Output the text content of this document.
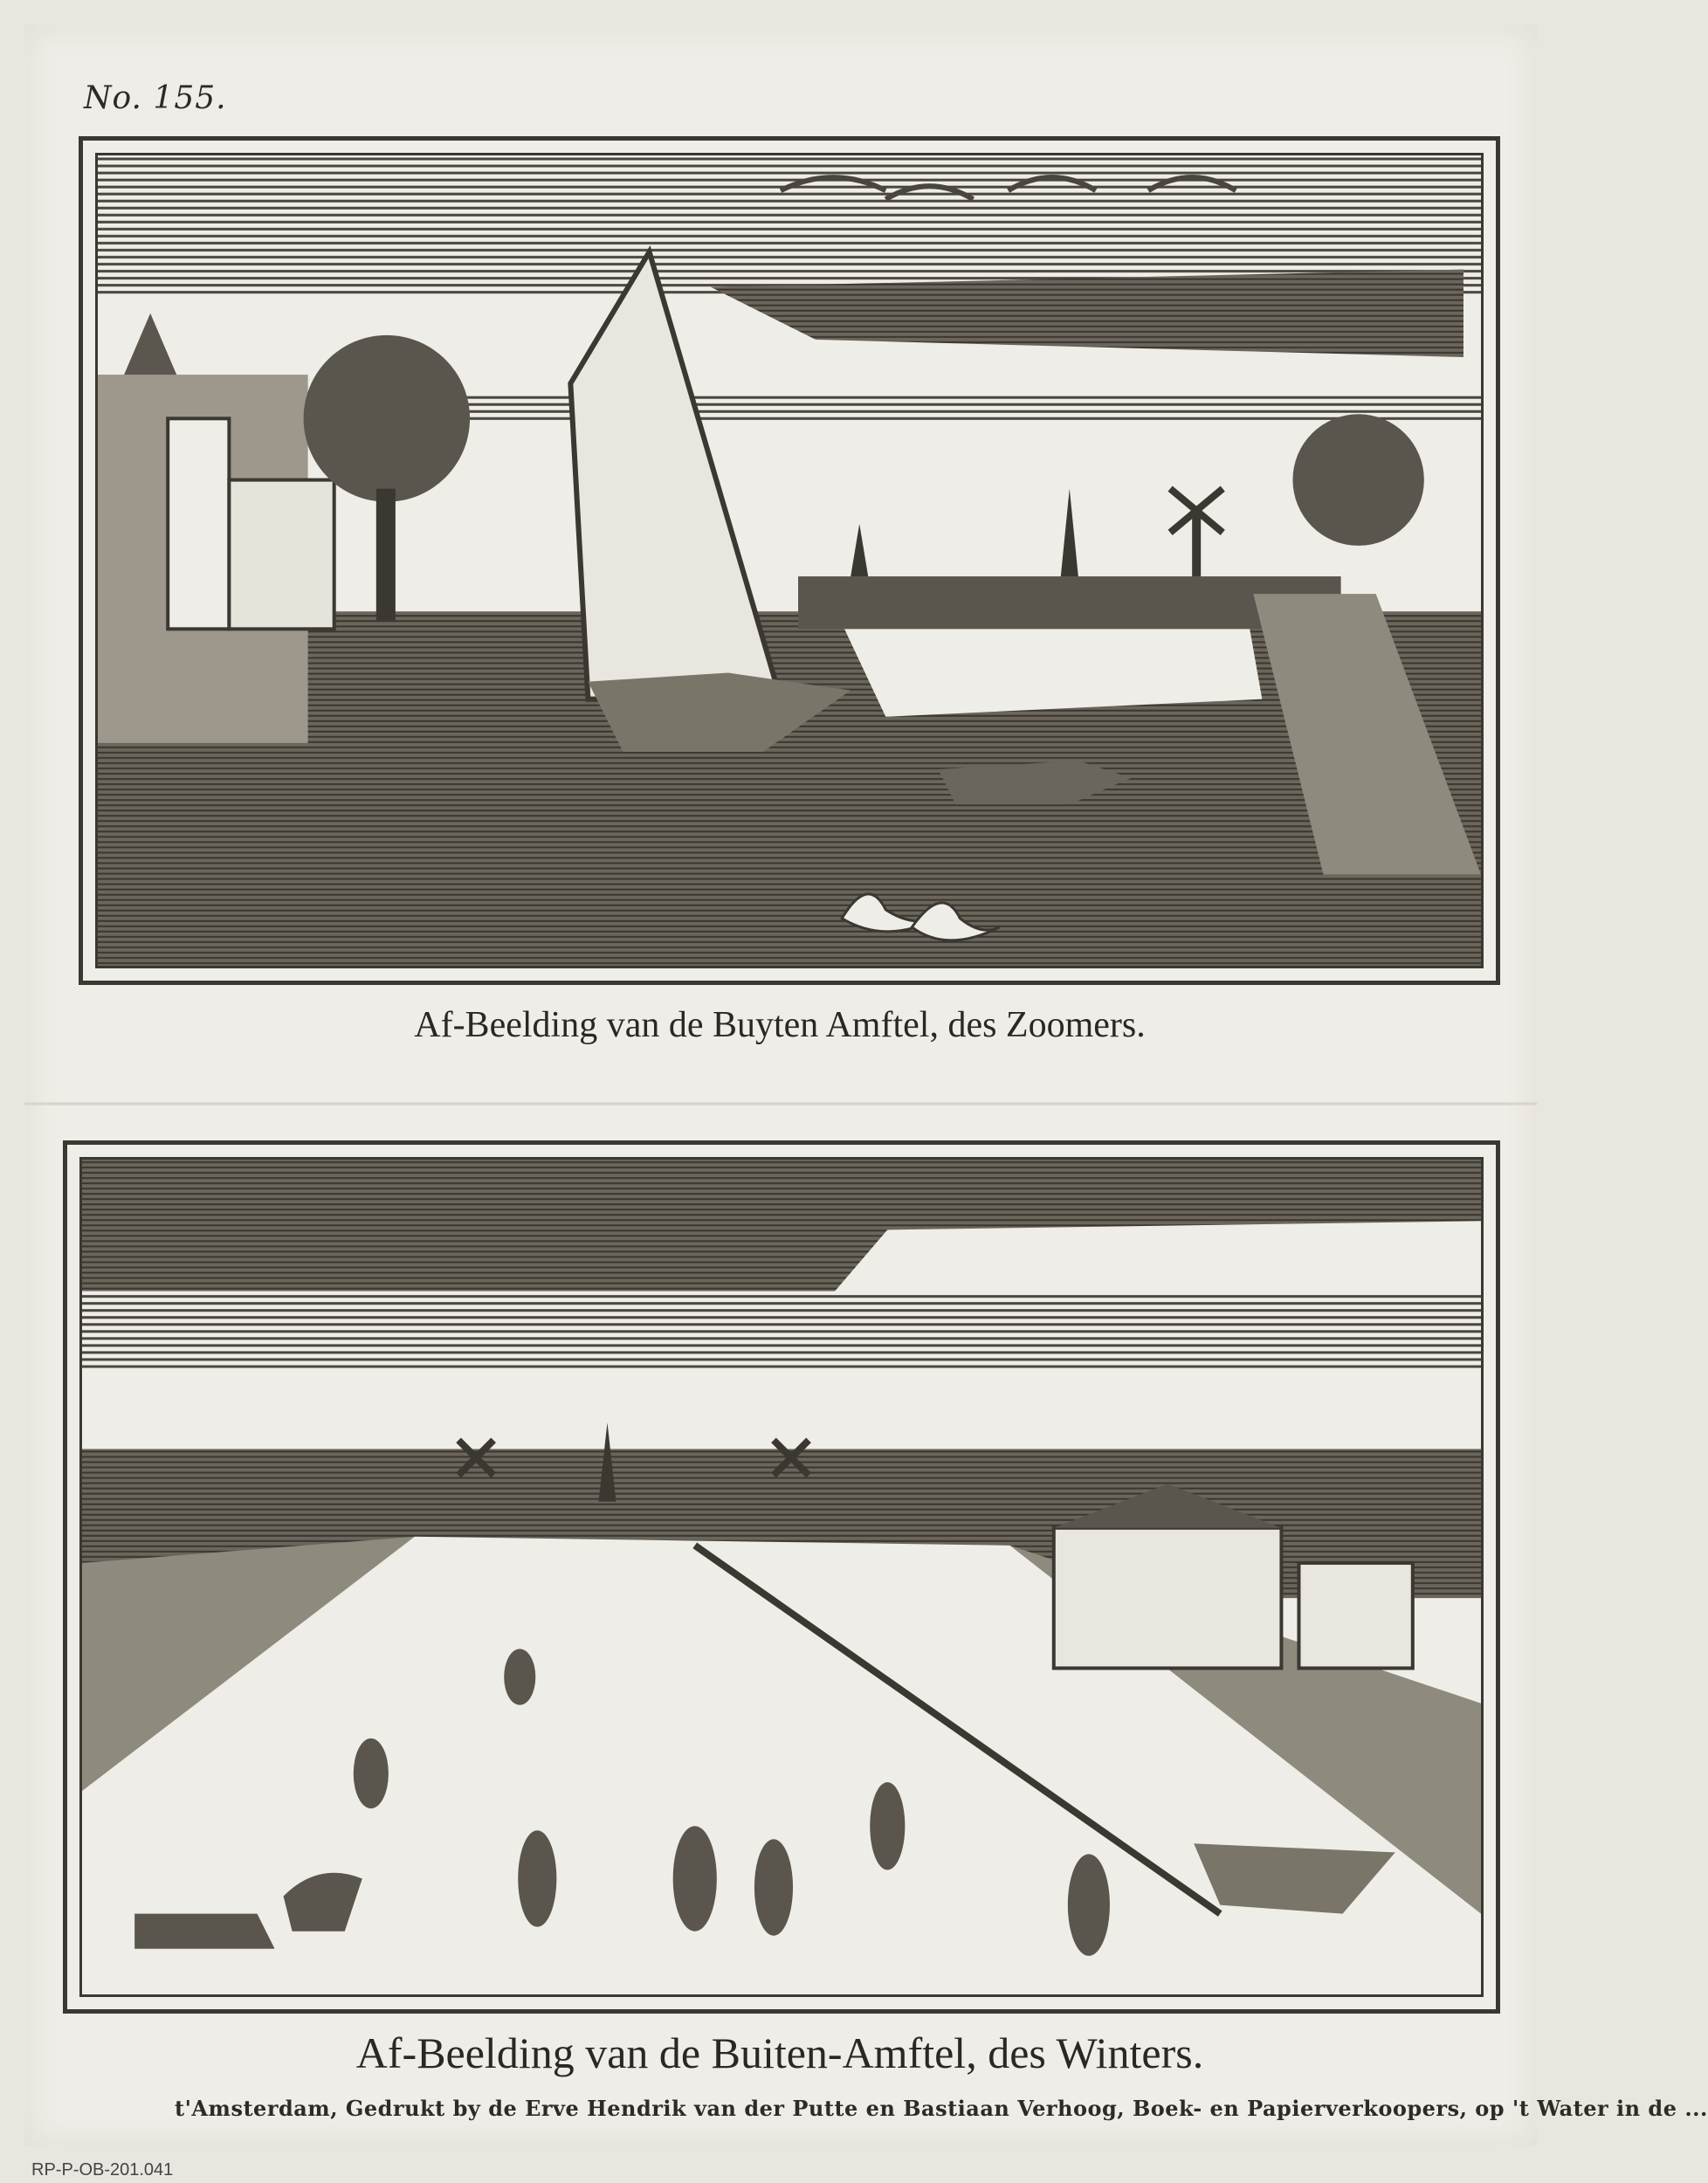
No. 155.
Af-Beelding van de Buyten Amftel, des Zoomers.
G:N:SCARAMA
Af-Beelding van de Buiten-Amftel, des Winters.
t'Amsterdam, Gedrukt by de Erve Hendrik van der Putte en Bastiaan Verhoog, Boek- en Papierverkoopers, op 't Water in de ...
RP-P-OB-201.041
